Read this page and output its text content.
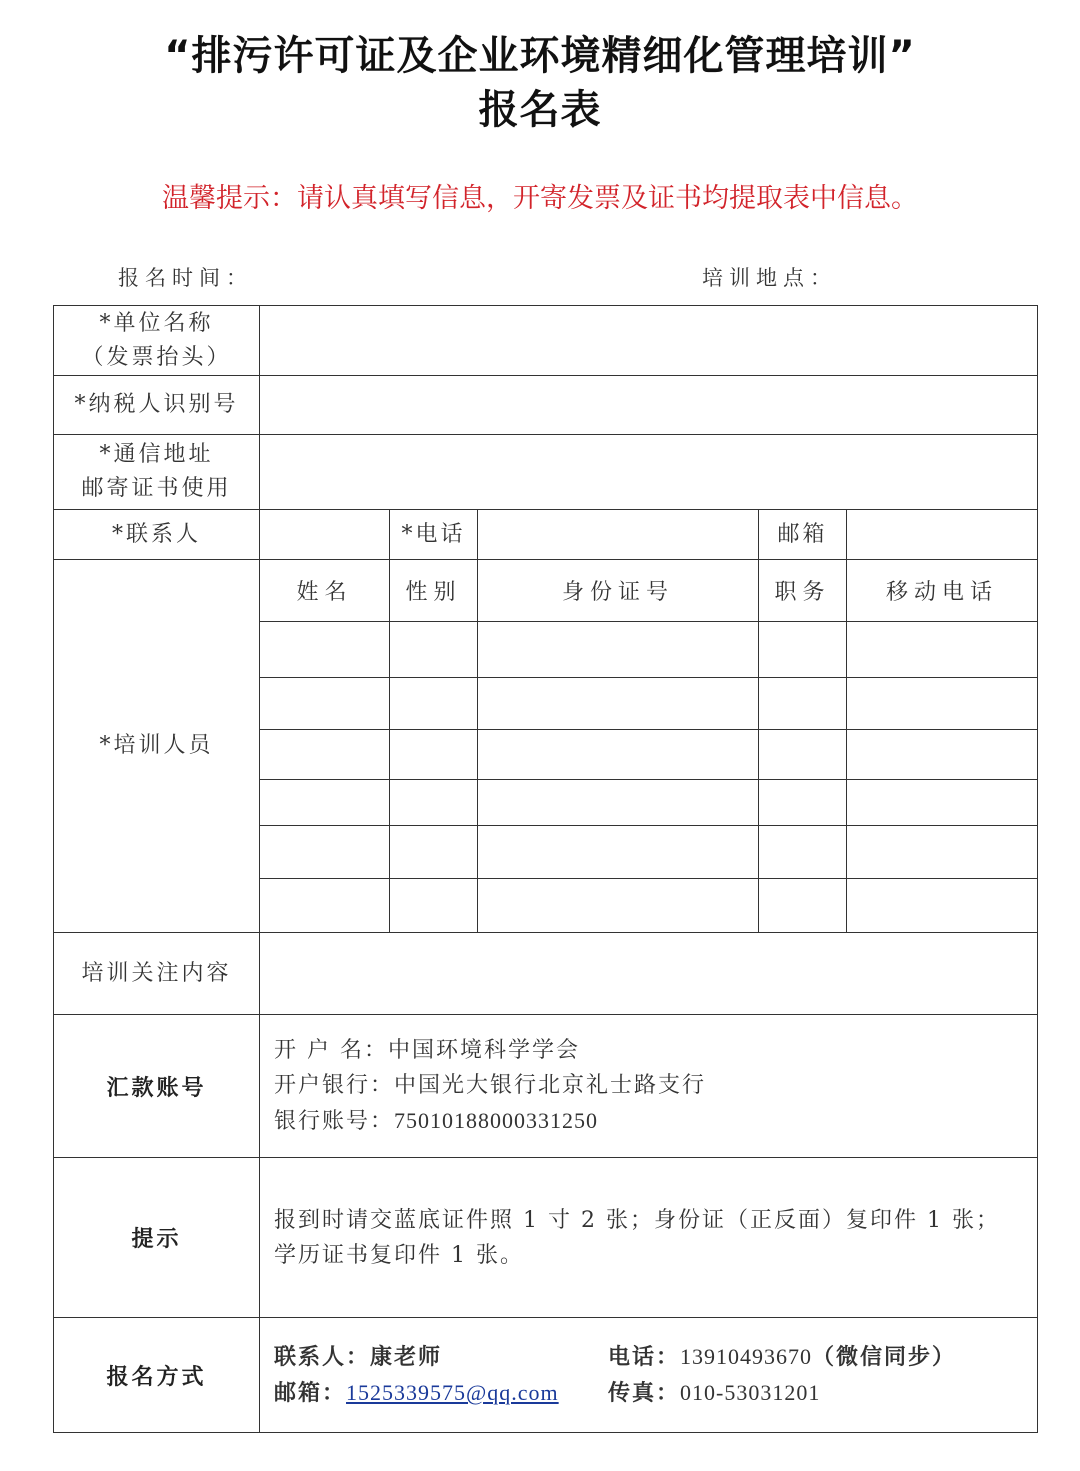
“排污许可证及企业环境精细化管理培训”
报名表
温馨提示：请认真填写信息，开寄发票及证书均提取表中信息。
报名时间：	培训地点：
*单位名称
（发票抬头）					

*纳税人识别号					

*通信地址
邮寄证书使用					

*联系人		*电话		邮箱	
*培训人员	姓名	性别	身份证号	职务	移动电话

培训关注内容					
汇款账号	开 户 名：中国环境科学学会
开户银行：中国光大银行北京礼士路支行
银行账号：75010188000331250				

提示	报到时请交蓝底证件照 1 寸 2 张；身份证（正反面）复印件 1 张；
学历证书复印件 1 张。				

报名方式	联系人：康老师 电话：13910493670（微信同步）
邮箱：1525339575@qq.com 传真：010-53031201				
